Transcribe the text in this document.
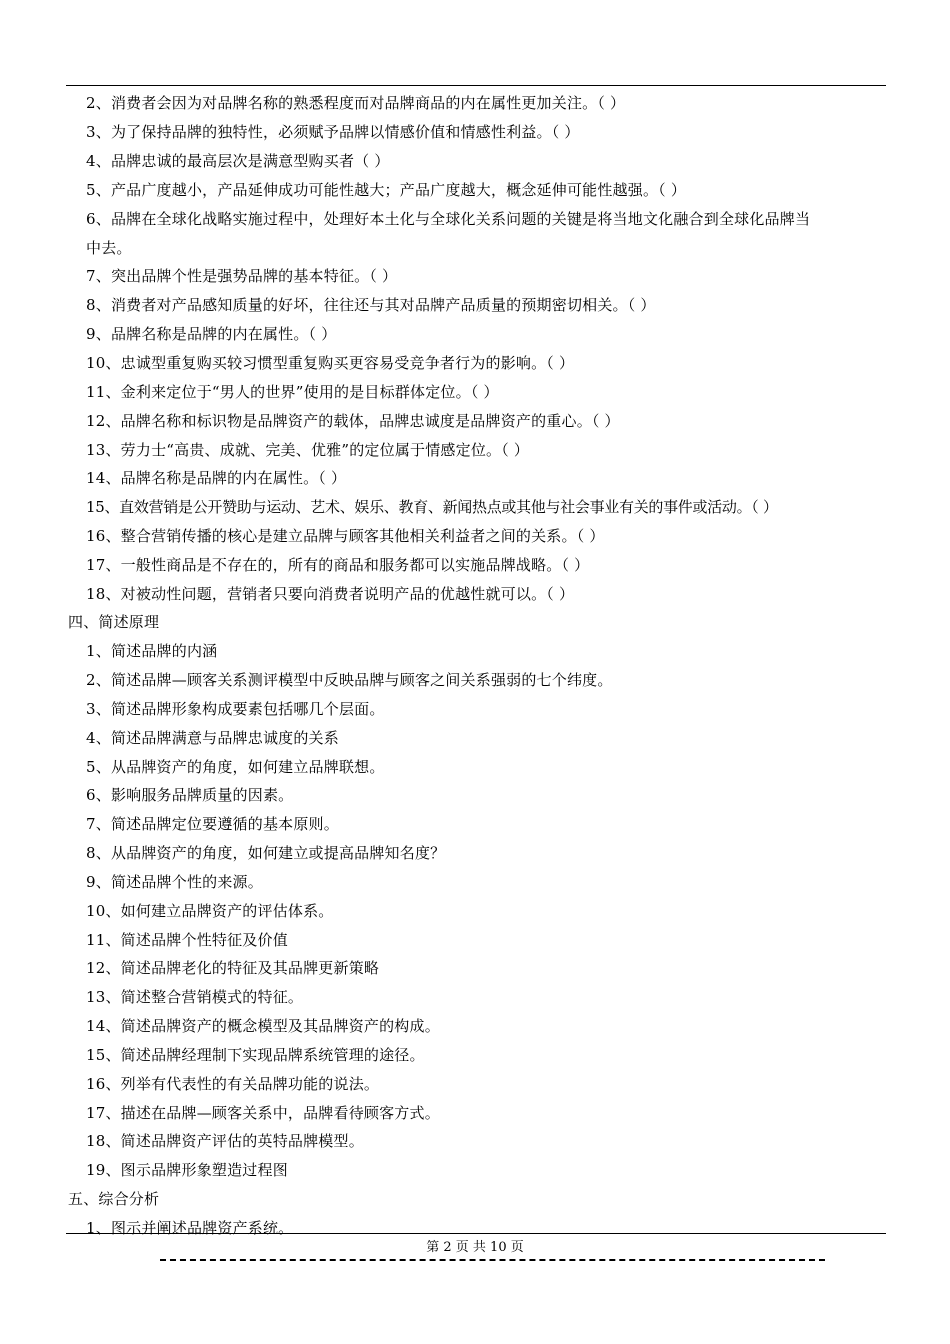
2、消费者会因为对品牌名称的熟悉程度而对品牌商品的内在属性更加关注。（ ）
3、为了保持品牌的独特性，必须赋予品牌以情感价值和情感性利益。（ ）
4、品牌忠诚的最高层次是满意型购买者（ ）
5、产品广度越小，产品延伸成功可能性越大；产品广度越大，概念延伸可能性越强。（ ）
6、品牌在全球化战略实施过程中，处理好本土化与全球化关系问题的关键是将当地文化融合到全球化品牌当
中去。
7、突出品牌个性是强势品牌的基本特征。（ ）
8、消费者对产品感知质量的好坏，往往还与其对品牌产品质量的预期密切相关。（ ）
9、品牌名称是品牌的内在属性。（ ）
10、忠诚型重复购买较习惯型重复购买更容易受竞争者行为的影响。（ ）
11、金利来定位于“男人的世界”使用的是目标群体定位。（ ）
12、品牌名称和标识物是品牌资产的载体，品牌忠诚度是品牌资产的重心。（ ）
13、劳力士“高贵、成就、完美、优雅”的定位属于情感定位。（ ）
14、品牌名称是品牌的内在属性。（ ）
15、直效营销是公开赞助与运动、艺术、娱乐、教育、新闻热点或其他与社会事业有关的事件或活动。（ ）
16、整合营销传播的核心是建立品牌与顾客其他相关利益者之间的关系。（ ）
17、一般性商品是不存在的，所有的商品和服务都可以实施品牌战略。（ ）
18、对被动性问题，营销者只要向消费者说明产品的优越性就可以。（ ）
四、简述原理
1、简述品牌的内涵
2、简述品牌—顾客关系测评模型中反映品牌与顾客之间关系强弱的七个纬度。
3、简述品牌形象构成要素包括哪几个层面。
4、简述品牌满意与品牌忠诚度的关系
5、从品牌资产的角度，如何建立品牌联想。
6、影响服务品牌质量的因素。
7、简述品牌定位要遵循的基本原则。
8、从品牌资产的角度，如何建立或提高品牌知名度？
9、简述品牌个性的来源。
10、如何建立品牌资产的评估体系。
11、简述品牌个性特征及价值
12、简述品牌老化的特征及其品牌更新策略
13、简述整合营销模式的特征。
14、简述品牌资产的概念模型及其品牌资产的构成。
15、简述品牌经理制下实现品牌系统管理的途径。
16、列举有代表性的有关品牌功能的说法。
17、描述在品牌—顾客关系中，品牌看待顾客方式。
18、简述品牌资产评估的英特品牌模型。
19、图示品牌形象塑造过程图
五、综合分析
1、图示并阐述品牌资产系统。
第 2 页 共 10 页
